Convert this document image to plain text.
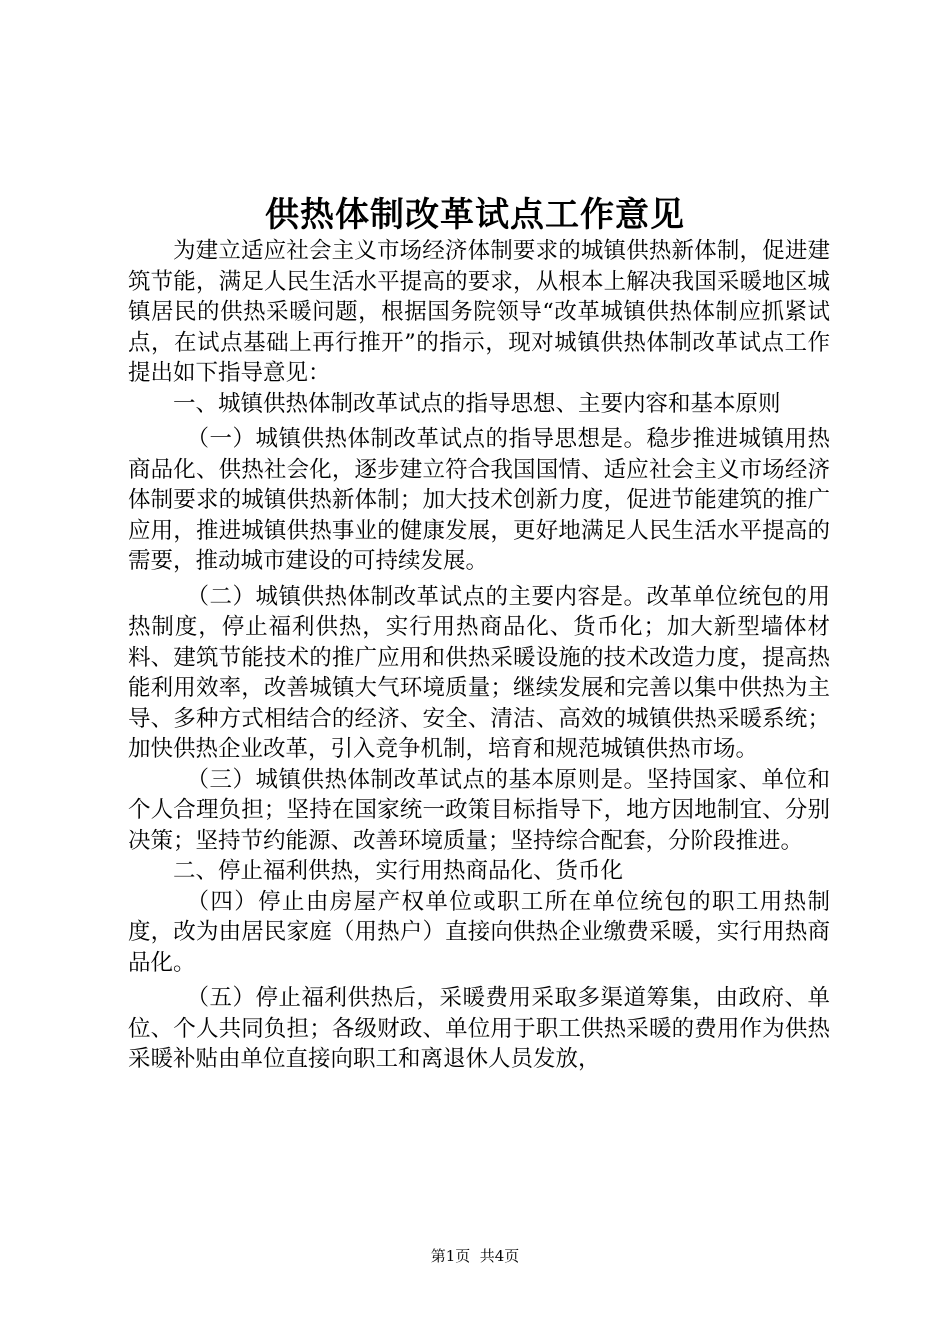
供热体制改革试点工作意见

为建立适应社会主义市场经济体制要求的城镇供热新体制，促进建筑节能，满足人民生活水平提高的要求，从根本上解决我国采暖地区城镇居民的供热采暖问题，根据国务院领导“改革城镇供热体制应抓紧试点，在试点基础上再行推开”的指示，现对城镇供热体制改革试点工作提出如下指导意见：

一、城镇供热体制改革试点的指导思想、主要内容和基本原则

（一）城镇供热体制改革试点的指导思想是。稳步推进城镇用热商品化、供热社会化，逐步建立符合我国国情、适应社会主义市场经济体制要求的城镇供热新体制；加大技术创新力度，促进节能建筑的推广应用，推进城镇供热事业的健康发展，更好地满足人民生活水平提高的需要，推动城市建设的可持续发展。

（二）城镇供热体制改革试点的主要内容是。改革单位统包的用热制度，停止福利供热，实行用热商品化、货币化；加大新型墙体材料、建筑节能技术的推广应用和供热采暖设施的技术改造力度，提高热能利用效率，改善城镇大气环境质量；继续发展和完善以集中供热为主导、多种方式相结合的经济、安全、清洁、高效的城镇供热采暖系统；加快供热企业改革，引入竞争机制，培育和规范城镇供热市场。

（三）城镇供热体制改革试点的基本原则是。坚持国家、单位和个人合理负担；坚持在国家统一政策目标指导下，地方因地制宜、分别决策；坚持节约能源、改善环境质量；坚持综合配套，分阶段推进。

二、停止福利供热，实行用热商品化、货币化

（四）停止由房屋产权单位或职工所在单位统包的职工用热制度，改为由居民家庭（用热户）直接向供热企业缴费采暖，实行用热商品化。

（五）停止福利供热后，采暖费用采取多渠道筹集，由政府、单位、个人共同负担；各级财政、单位用于职工供热采暖的费用作为供热采暖补贴由单位直接向职工和离退休人员发放，

第1页  共4页
